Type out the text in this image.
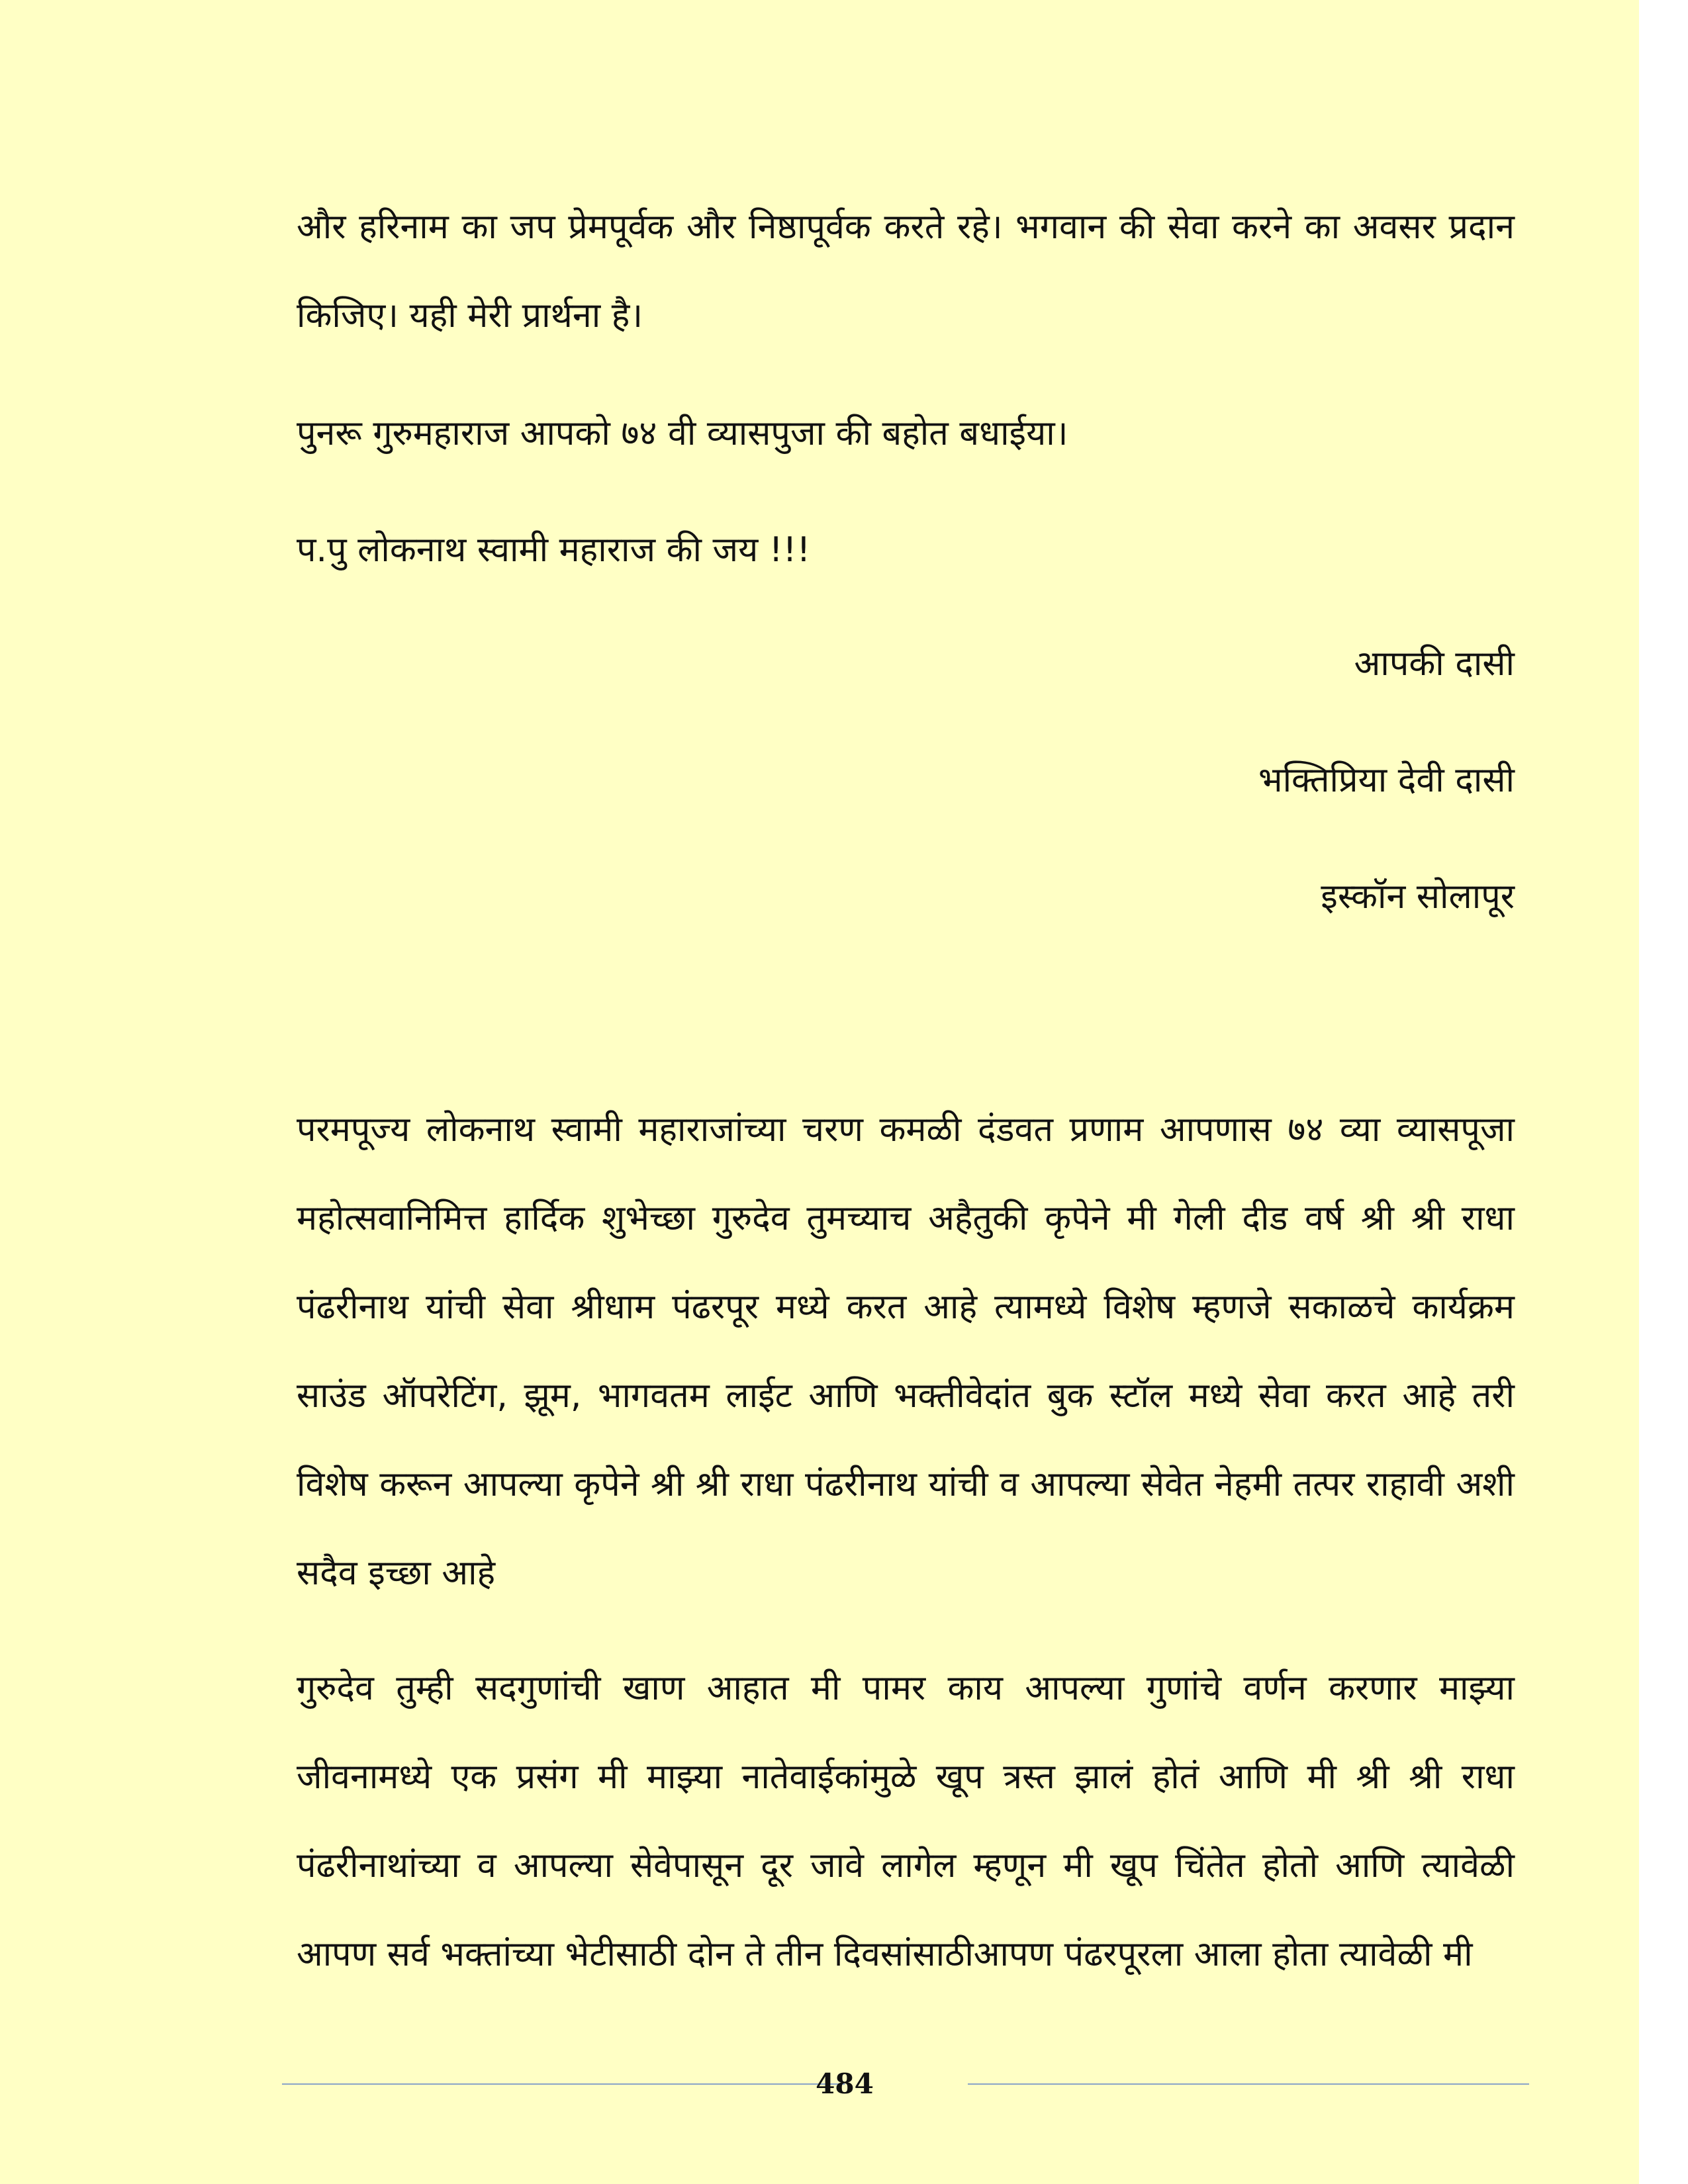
और हरिनाम का जप प्रेमपूर्वक और निष्ठापूर्वक करते रहे। भगवान की सेवा करने का अवसर प्रदान किजिए। यही मेरी प्रार्थना है।
पुनरू गुरुमहाराज आपको ७४ वी व्यासपुजा की बहोत बधाईया।
प.पु लोकनाथ स्वामी महाराज की जय !!!
आपकी दासी
भक्तिप्रिया देवी दासी
इस्कॉन सोलापूर
परमपूज्य लोकनाथ स्वामी महाराजांच्या चरण कमळी दंडवत प्रणाम आपणास ७४ व्या व्यासपूजा महोत्सवानिमित्त हार्दिक शुभेच्छा गुरुदेव तुमच्याच अहैतुकी कृपेने मी गेली दीड वर्ष श्री श्री राधा पंढरीनाथ यांची सेवा श्रीधाम पंढरपूर मध्ये करत आहे त्यामध्ये विशेष म्हणजे सकाळचे कार्यक्रम साउंड ऑपरेटिंग, झूम, भागवतम लाईट आणि भक्तीवेदांत बुक स्टॉल मध्ये सेवा करत आहे तरी विशेष करून आपल्या कृपेने श्री श्री राधा पंढरीनाथ यांची व आपल्या सेवेत नेहमी तत्पर राहावी अशी सदैव इच्छा आहे
गुरुदेव तुम्ही सदगुणांची खाण आहात मी पामर काय आपल्या गुणांचे वर्णन करणार माझ्या जीवनामध्ये एक प्रसंग मी माझ्या नातेवाईकांमुळे खूप त्रस्त झालं होतं आणि मी श्री श्री राधा पंढरीनाथांच्या व आपल्या सेवेपासून दूर जावे लागेल म्हणून मी खूप चिंतेत होतो आणि त्यावेळी आपण सर्व भक्तांच्या भेटीसाठी दोन ते तीन दिवसांसाठीआपण पंढरपूरला आला होता त्यावेळी मी
484
